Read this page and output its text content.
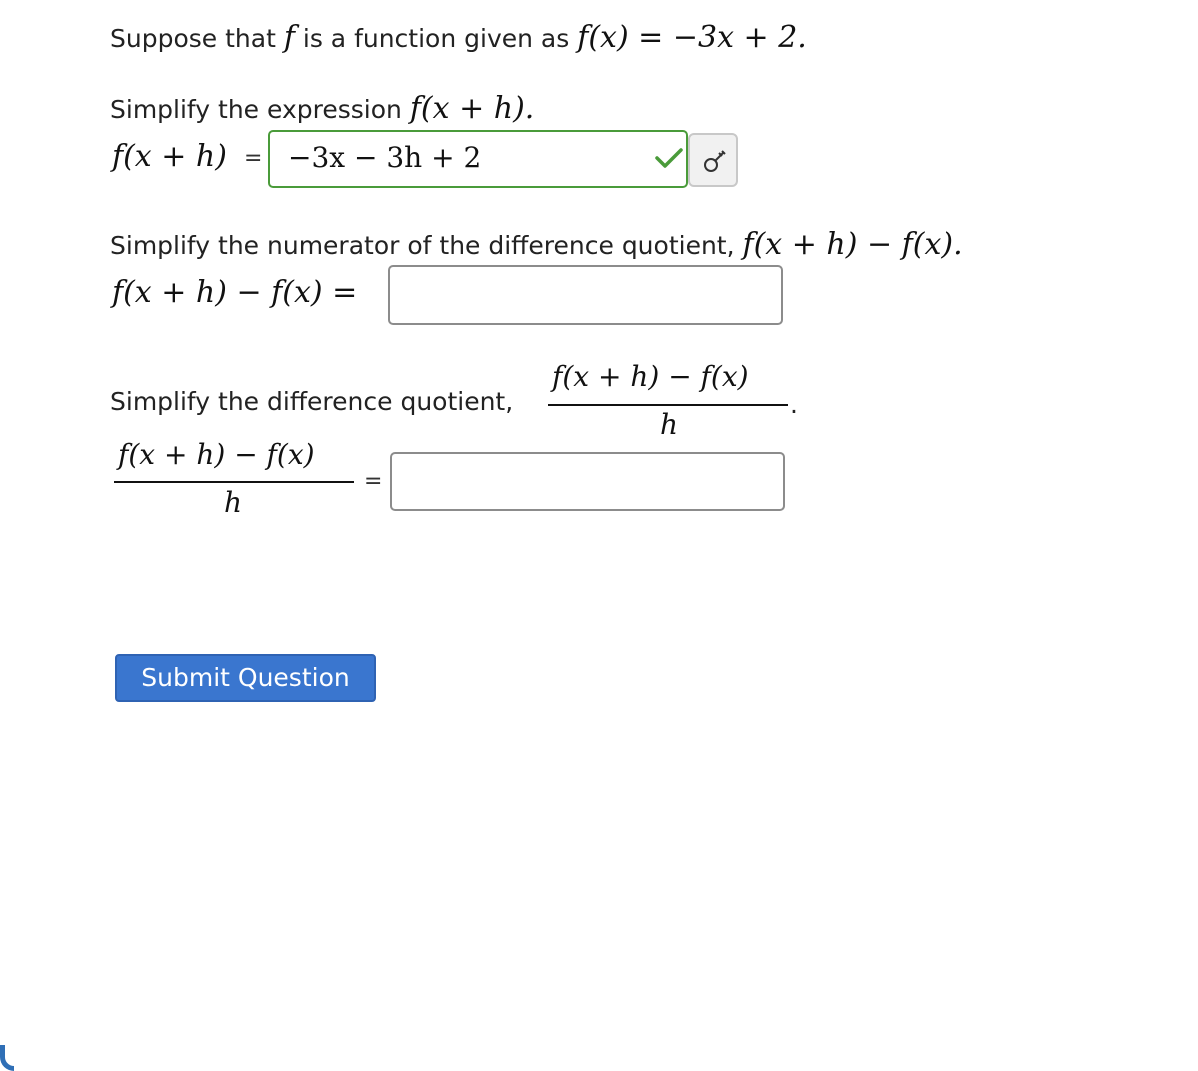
Suppose that f is a function given as f(x) = −3x + 2.
Simplify the expression f(x + h).
f(x + h) = −3x − 3h + 2
Simplify the numerator of the difference quotient, f(x + h) − f(x).
f(x + h) − f(x) =
Simplify the difference quotient,
f(x + h) − f(x)
h
.
f(x + h) − f(x)
h
=
Submit Question
